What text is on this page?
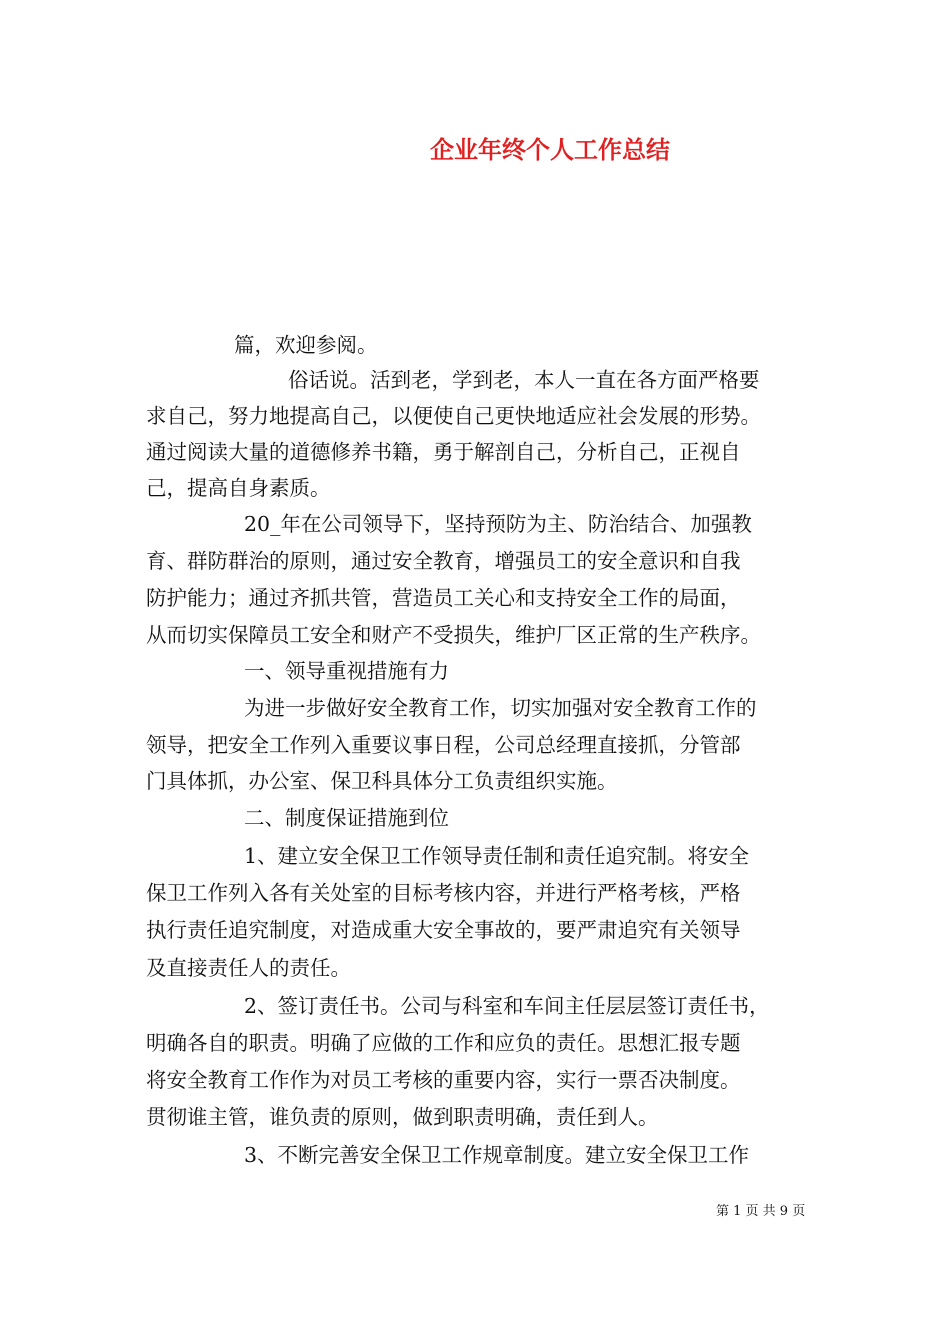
企业年终个人工作总结
篇，欢迎参阅。
俗话说。活到老，学到老，本人一直在各方面严格要
求自己，努力地提高自己，以便使自己更快地适应社会发展的形势。
通过阅读大量的道德修养书籍，勇于解剖自己，分析自己，正视自
己，提高自身素质。
20_年在公司领导下，坚持预防为主、防治结合、加强教
育、群防群治的原则，通过安全教育，增强员工的安全意识和自我
防护能力；通过齐抓共管，营造员工关心和支持安全工作的局面，
从而切实保障员工安全和财产不受损失，维护厂区正常的生产秩序。
一、领导重视措施有力
为进一步做好安全教育工作，切实加强对安全教育工作的
领导，把安全工作列入重要议事日程，公司总经理直接抓，分管部
门具体抓，办公室、保卫科具体分工负责组织实施。
二、制度保证措施到位
1、建立安全保卫工作领导责任制和责任追究制。将安全
保卫工作列入各有关处室的目标考核内容，并进行严格考核，严格
执行责任追究制度，对造成重大安全事故的，要严肃追究有关领导
及直接责任人的责任。
2、签订责任书。公司与科室和车间主任层层签订责任书，
明确各自的职责。明确了应做的工作和应负的责任。思想汇报专题
将安全教育工作作为对员工考核的重要内容，实行一票否决制度。
贯彻谁主管，谁负责的原则，做到职责明确，责任到人。
3、不断完善安全保卫工作规章制度。建立安全保卫工作
第 1 页 共 9 页
